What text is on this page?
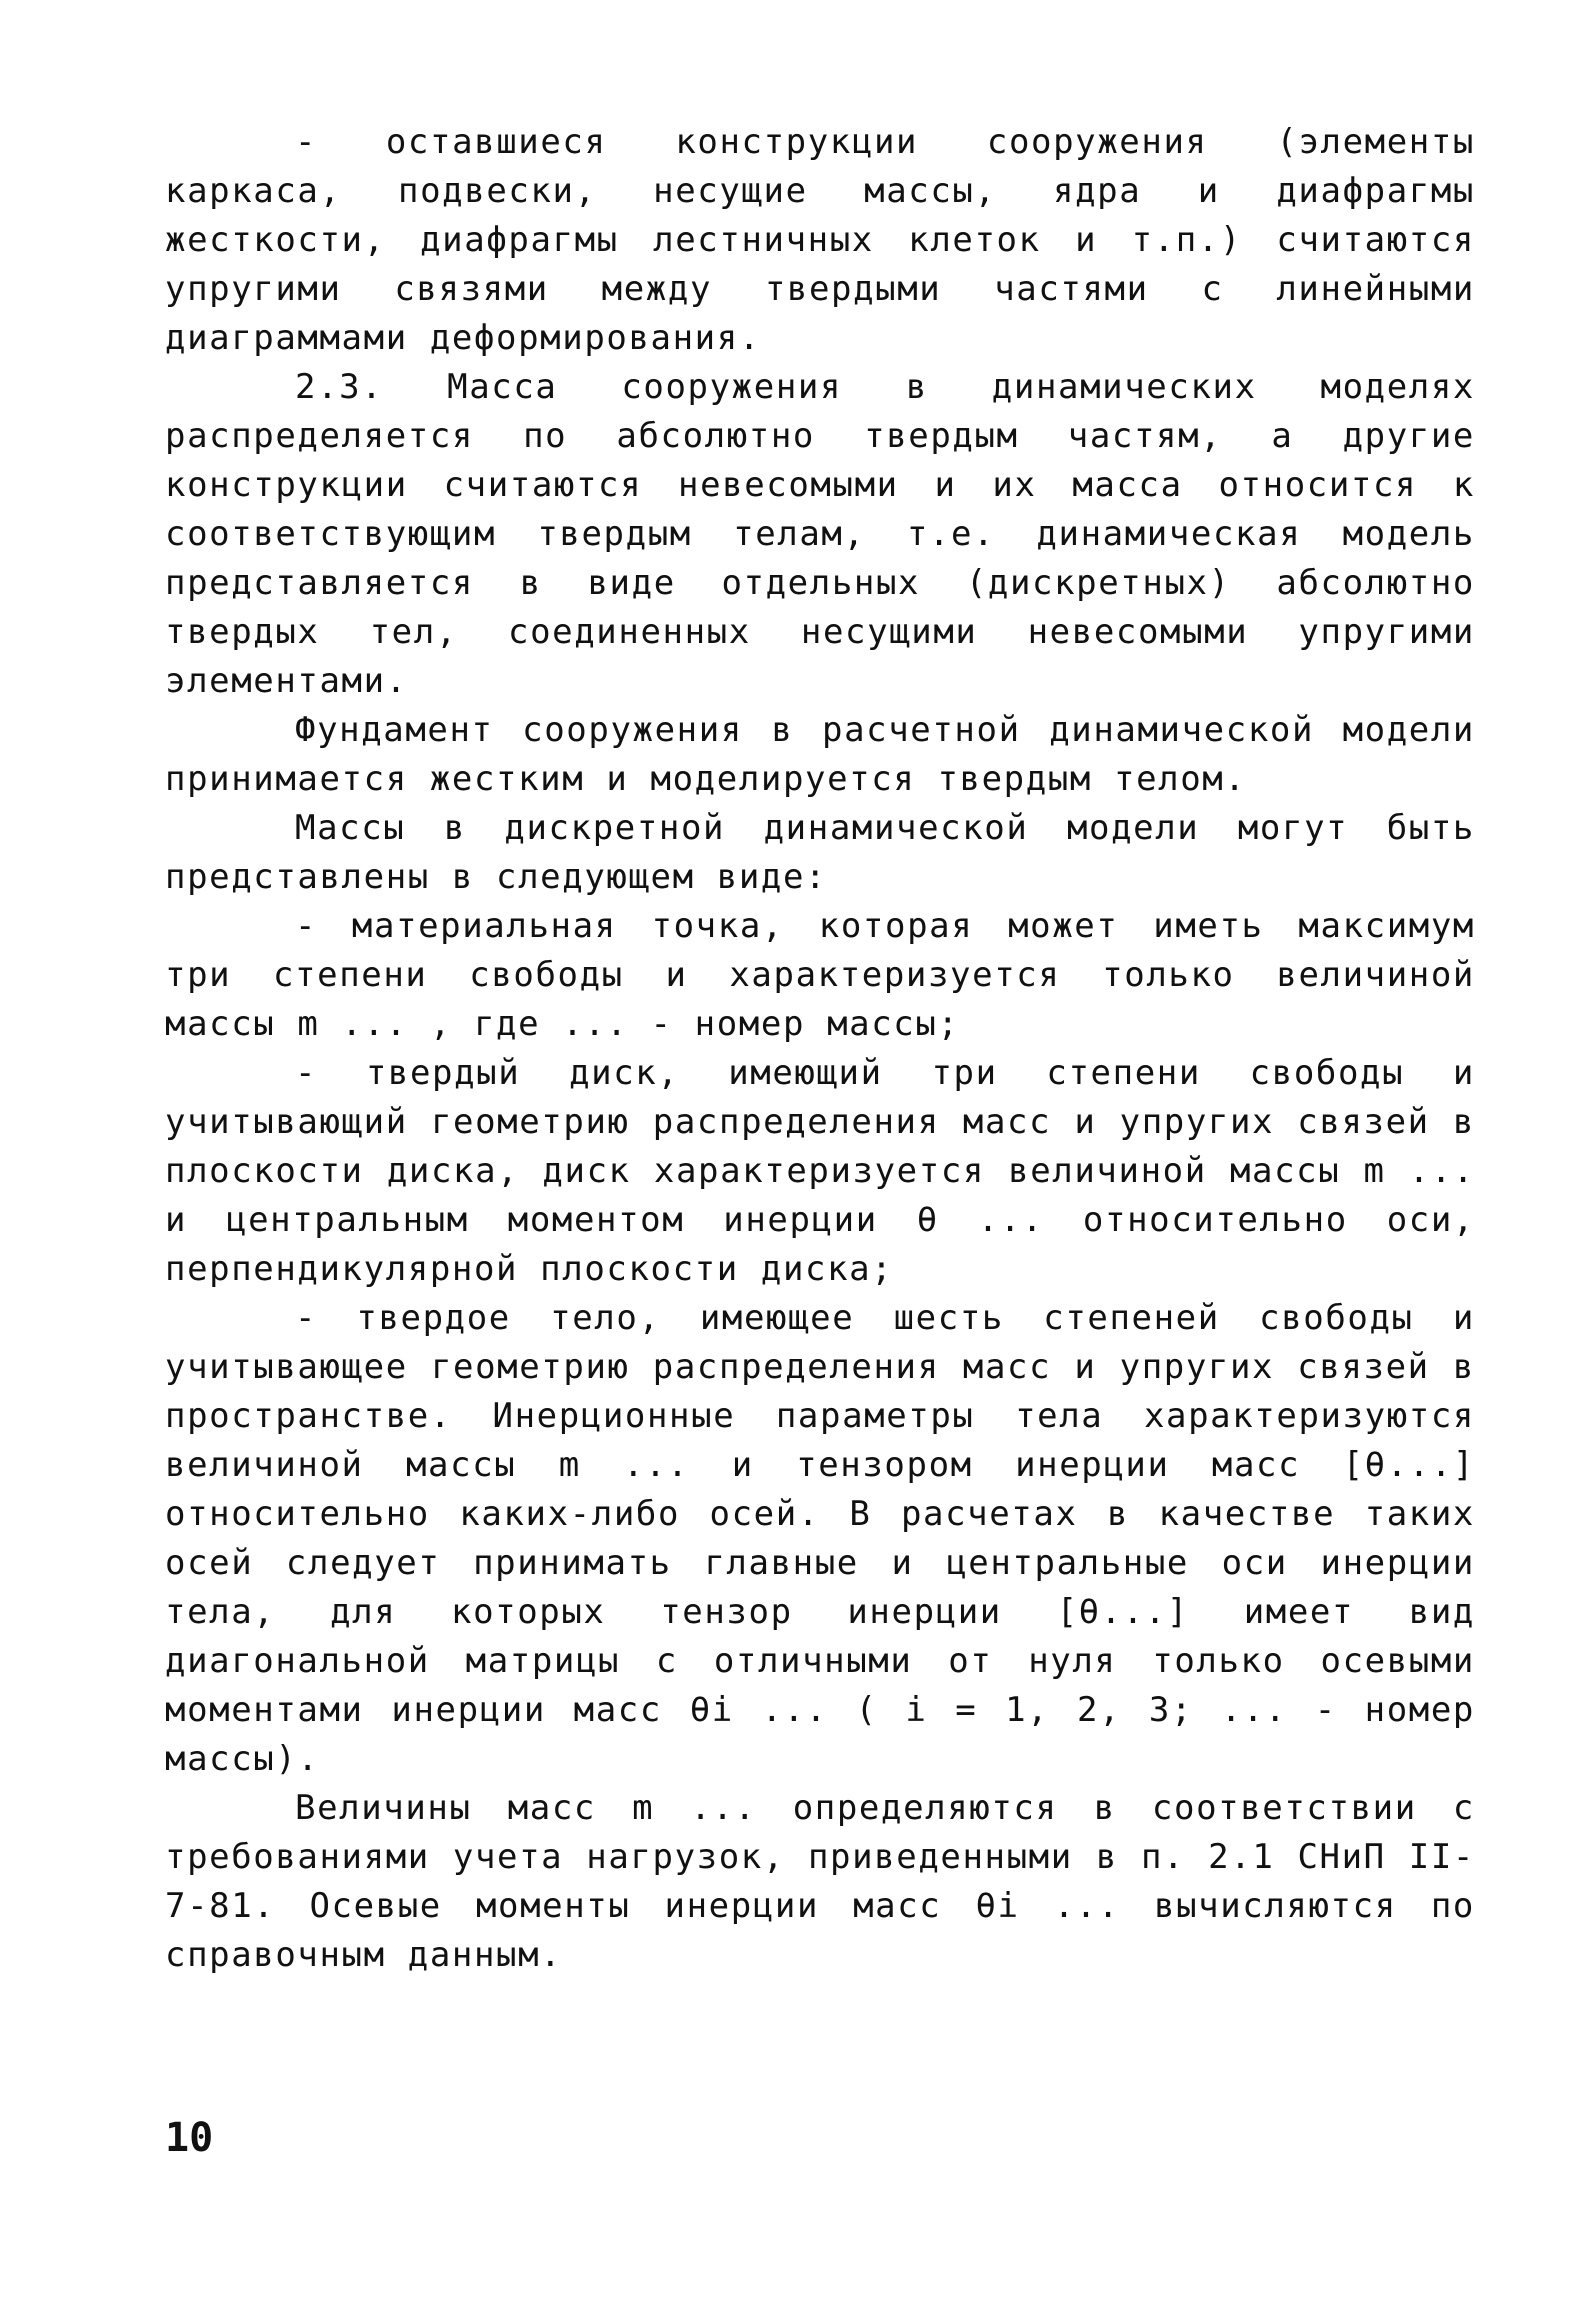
- оставшиеся конструкции сооружения (элементы каркаса, подвески, несущие массы, ядра и диафрагмы жесткости, диафрагмы лестничных клеток и т.п.) считаются упругими связями между твердыми частями с линейными диаграммами деформирования.

2.3. Масса сооружения в динамических моделях распределяется по абсолютно твердым частям, а другие конструкции считаются невесомыми и их масса относится к соответствующим твердым телам, т.е. динамическая модель представляется в виде отдельных (дискретных) абсолютно твердых тел, соединенных несущими невесомыми упругими элементами.

Фундамент сооружения в расчетной динамической модели принимается жестким и моделируется твердым телом.

Массы в дискретной динамической модели могут быть представлены в следующем виде:

- материальная точка, которая может иметь максимум три степени свободы и характеризуется только величиной массы m ... , где ... - номер массы;

- твердый диск, имеющий три степени свободы и учитывающий геометрию распределения масс и упругих связей в плоскости диска, диск характеризуется величиной массы m ... и центральным моментом инерции θ ... относительно оси, перпендикулярной плоскости диска;

- твердое тело, имеющее шесть степеней свободы и учитывающее геометрию распределения масс и упругих связей в пространстве. Инерционные параметры тела характеризуются величиной массы m ... и тензором инерции масс [θ...] относительно каких-либо осей. В расчетах в качестве таких осей следует принимать главные и центральные оси инерции тела, для которых тензор инерции [θ...] имеет вид диагональной матрицы с отличными от нуля только осевыми моментами инерции масс θi ... ( i = 1, 2, 3; ... - номер массы).

Величины масс m ... определяются в соответствии с требованиями учета нагрузок, приведенными в п. 2.1 СНиП II-7-81. Осевые моменты инерции масс θi ... вычисляются по справочным данным.

10
